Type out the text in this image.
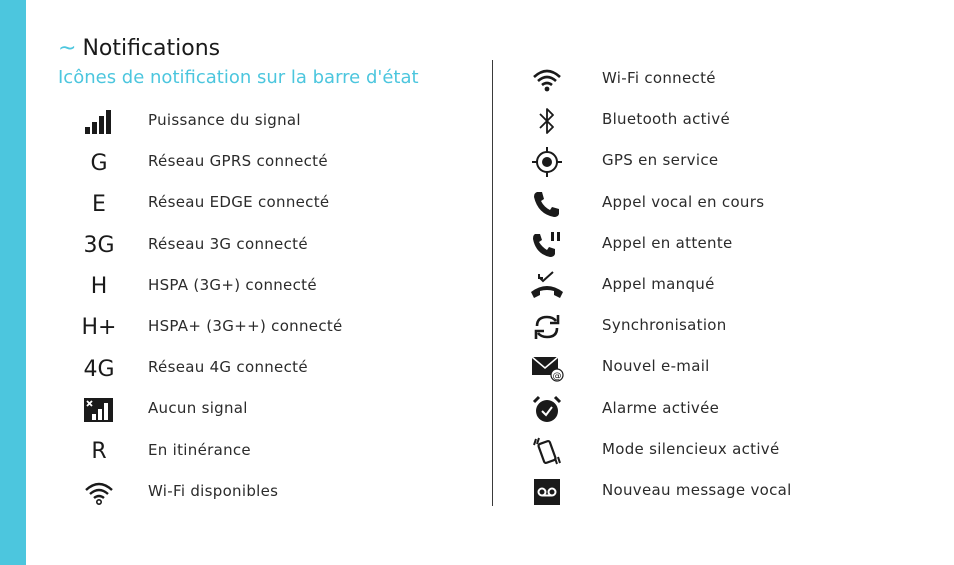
~ Notifications
Icônes de notification sur la barre d'état
Puissance du signal
G	Réseau GPRS connecté
E	Réseau EDGE connecté
3G Réseau 3G connecté
H	HSPA (3G+) connecté
H+ HSPA+ (3G++) connecté
4G Réseau 4G connecté
Aucun signal
R	En itinérance
Wi-Fi disponibles
Wi-Fi connecté
Bluetooth activé
GPS en service
Appel vocal en cours
Appel en attente
Appel manqué
Synchronisation
@
Nouvel e-mail
Alarme activée
Mode silencieux activé
Nouveau message vocal
